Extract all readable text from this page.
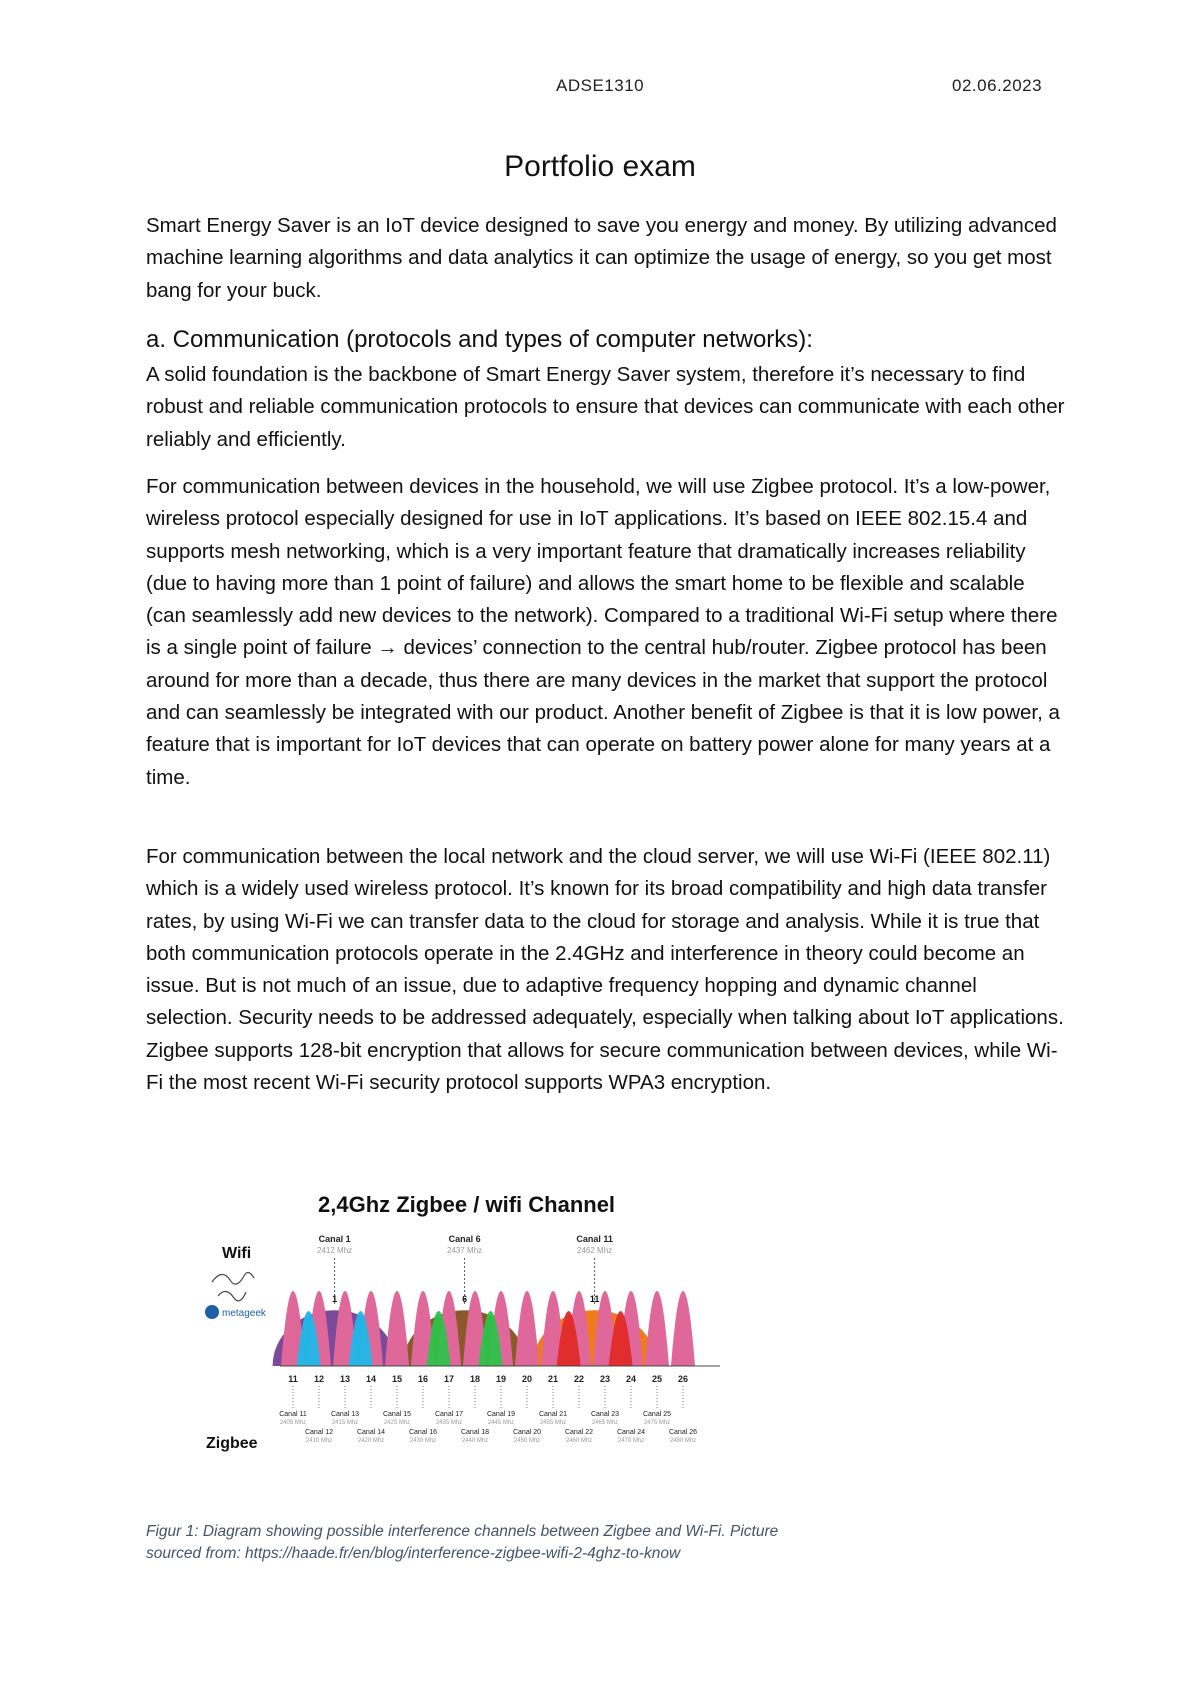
ADSE1310	02.06.2023
Portfolio exam
Smart Energy Saver is an IoT device designed to save you energy and money. By utilizing advanced machine learning algorithms and data analytics it can optimize the usage of energy, so you get most bang for your buck.
a. Communication (protocols and types of computer networks):
A solid foundation is the backbone of Smart Energy Saver system, therefore it’s necessary to find robust and reliable communication protocols to ensure that devices can communicate with each other reliably and efficiently.
For communication between devices in the household, we will use Zigbee protocol. It’s a low-power, wireless protocol especially designed for use in IoT applications. It’s based on IEEE 802.15.4 and supports mesh networking, which is a very important feature that dramatically increases reliability (due to having more than 1 point of failure) and allows the smart home to be flexible and scalable (can seamlessly add new devices to the network). Compared to a traditional Wi-Fi setup where there is a single point of failure → devices’ connection to the central hub/router. Zigbee protocol has been around for more than a decade, thus there are many devices in the market that support the protocol and can seamlessly be integrated with our product. Another benefit of Zigbee is that it is low power, a feature that is important for IoT devices that can operate on battery power alone for many years at a time.
For communication between the local network and the cloud server, we will use Wi-Fi (IEEE 802.11) which is a widely used wireless protocol. It’s known for its broad compatibility and high data transfer rates, by using Wi-Fi we can transfer data to the cloud for storage and analysis. While it is true that both communication protocols operate in the 2.4GHz and interference in theory could become an issue. But is not much of an issue, due to adaptive frequency hopping and dynamic channel selection. Security needs to be addressed adequately, especially when talking about IoT applications. Zigbee supports 128-bit encryption that allows for secure communication between devices, while Wi-Fi the most recent Wi-Fi security protocol supports WPA3 encryption.
2,4Ghz Zigbee / wifi Channel
Wifi
Zigbee
metageek
Canal 1
2412 Mhz
1
Canal 6
2437 Mhz
6
Canal 11
2462 Mhz
11
11 12 13 14 15 16 17 18 19 20 21 22 23 24 25 26
Canal 11
2405 Mhz
Canal 13
2415 Mhz
Canal 15
2425 Mhz
Canal 17
2435 Mhz
Canal 19
2445 Mhz
Canal 21
2455 Mhz
Canal 23
2465 Mhz
Canal 25
2475 Mhz
Canal 12
2410 Mhz
Canal 14
2420 Mhz
Canal 16
2430 Mhz
Canal 18
2440 Mhz
Canal 20
2450 Mhz
Canal 22
2460 Mhz
Canal 24
2470 Mhz
Canal 26
2480 Mhz
Figur 1: Diagram showing possible interference channels between Zigbee and Wi-Fi. Picture sourced from: https://haade.fr/en/blog/interference-zigbee-wifi-2-4ghz-to-know
